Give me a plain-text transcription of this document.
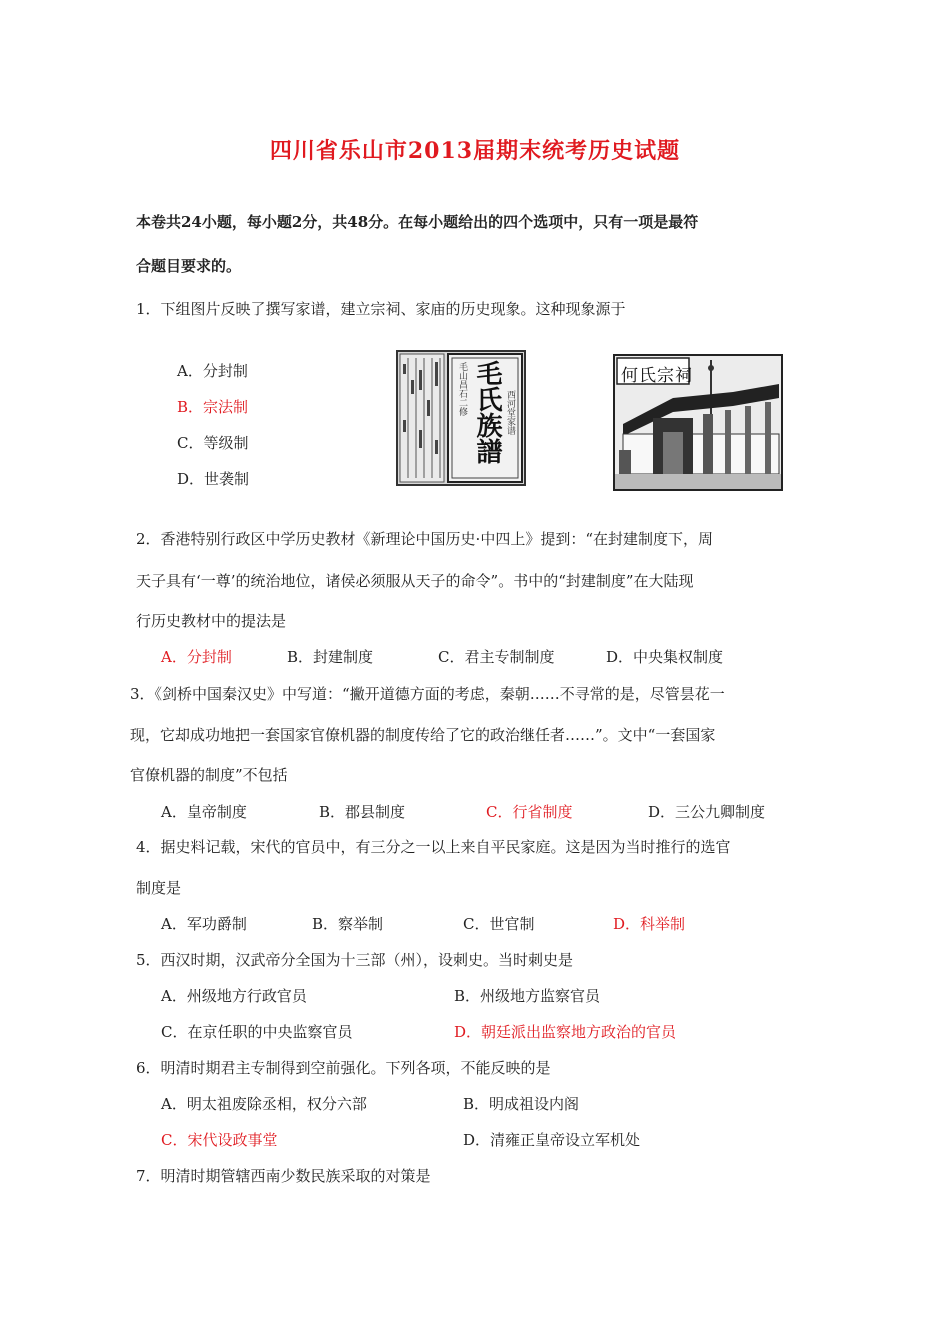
四川省乐山市2013届期末统考历史试题
本卷共24小题，每小题2分，共48分。在每小题给出的四个选项中，只有一项是最符
合题目要求的。
1．下组图片反映了撰写家谱，建立宗祠、家庙的历史现象。这种现象源于
A．分封制
B．宗法制
C．等级制
D．世袭制
毛山昌石二修 毛氏族譜 西河堂家谱
何氏宗祠
2．香港特别行政区中学历史教材《新理论中国历史·中四上》提到：“在封建制度下，周
天子具有‘一尊’的统治地位，诸侯必须服从天子的命令”。书中的“封建制度”在大陆现
行历史教材中的提法是
A．分封制	B．封建制度	C．君主专制制度	D．中央集权制度
3．《剑桥中国秦汉史》中写道：“撇开道德方面的考虑，秦朝……不寻常的是，尽管昙花一
现，它却成功地把一套国家官僚机器的制度传给了它的政治继任者……”。文中“一套国家
官僚机器的制度”不包括
A．皇帝制度	B．郡县制度	C．行省制度	D．三公九卿制度
4．据史料记载，宋代的官员中，有三分之一以上来自平民家庭。这是因为当时推行的选官
制度是
A．军功爵制	B．察举制	C．世官制	D．科举制
5．西汉时期，汉武帝分全国为十三部（州），设刺史。当时刺史是
A．州级地方行政官员	B．州级地方监察官员
C．在京任职的中央监察官员	D．朝廷派出监察地方政治的官员
6．明清时期君主专制得到空前强化。下列各项，不能反映的是
A．明太祖废除丞相，权分六部	B．明成祖设内阁
C．宋代设政事堂	D．清雍正皇帝设立军机处
7．明清时期管辖西南少数民族采取的对策是
